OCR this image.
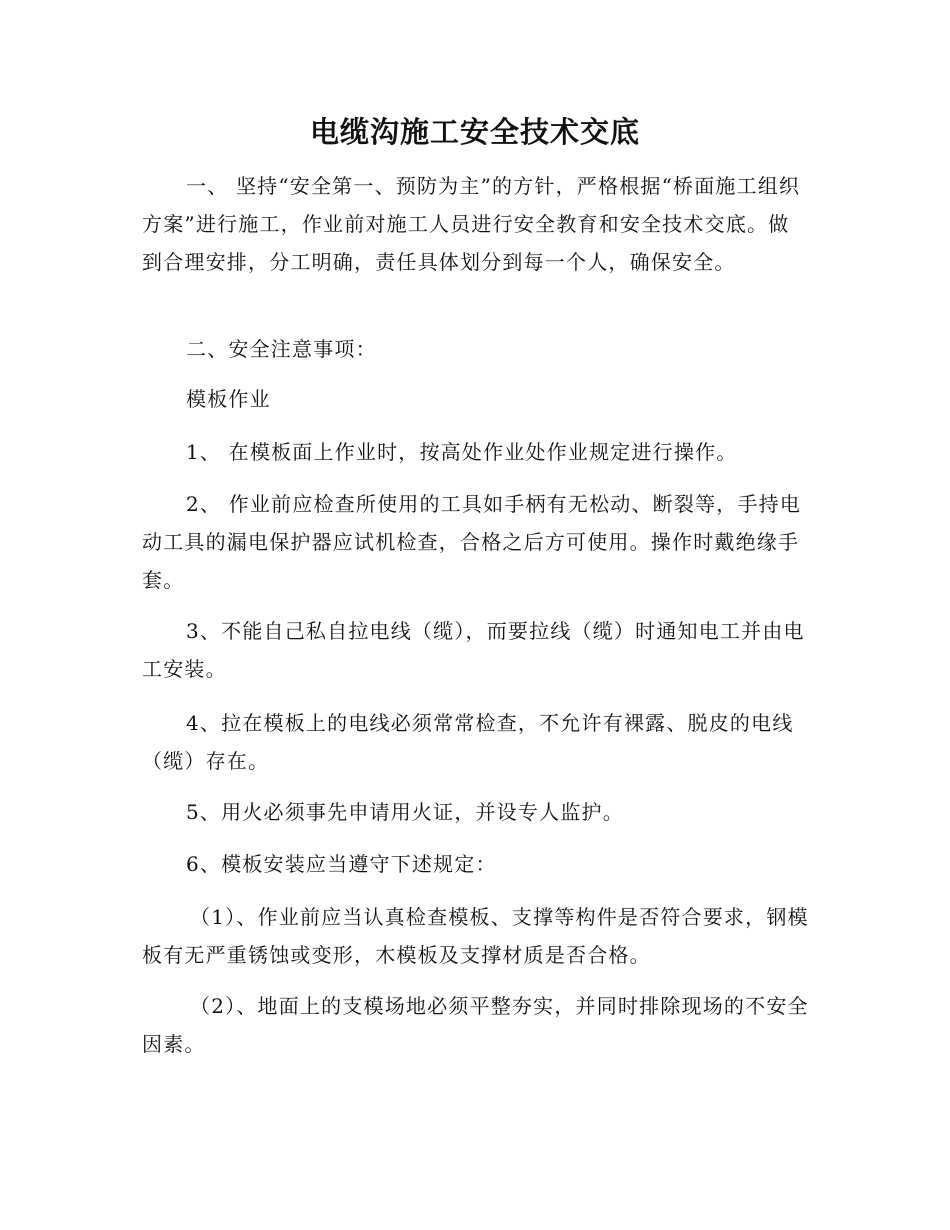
电缆沟施工安全技术交底

一、 坚持“安全第一、预防为主”的方针，严格根据“桥面施工组织方案”进行施工，作业前对施工人员进行安全教育和安全技术交底。做到合理安排，分工明确，责任具体划分到每一个人，确保安全。

二、安全注意事项：

模板作业

1、 在模板面上作业时，按高处作业处作业规定进行操作。

2、 作业前应检查所使用的工具如手柄有无松动、断裂等，手持电动工具的漏电保护器应试机检查，合格之后方可使用。操作时戴绝缘手套。

3、不能自己私自拉电线（缆），而要拉线（缆）时通知电工并由电工安装。

4、拉在模板上的电线必须常常检查，不允许有裸露、脱皮的电线（缆）存在。

5、用火必须事先申请用火证，并设专人监护。

6、模板安装应当遵守下述规定：

（1）、作业前应当认真检查模板、支撑等构件是否符合要求，钢模板有无严重锈蚀或变形，木模板及支撑材质是否合格。

（2）、地面上的支模场地必须平整夯实，并同时排除现场的不安全因素。
